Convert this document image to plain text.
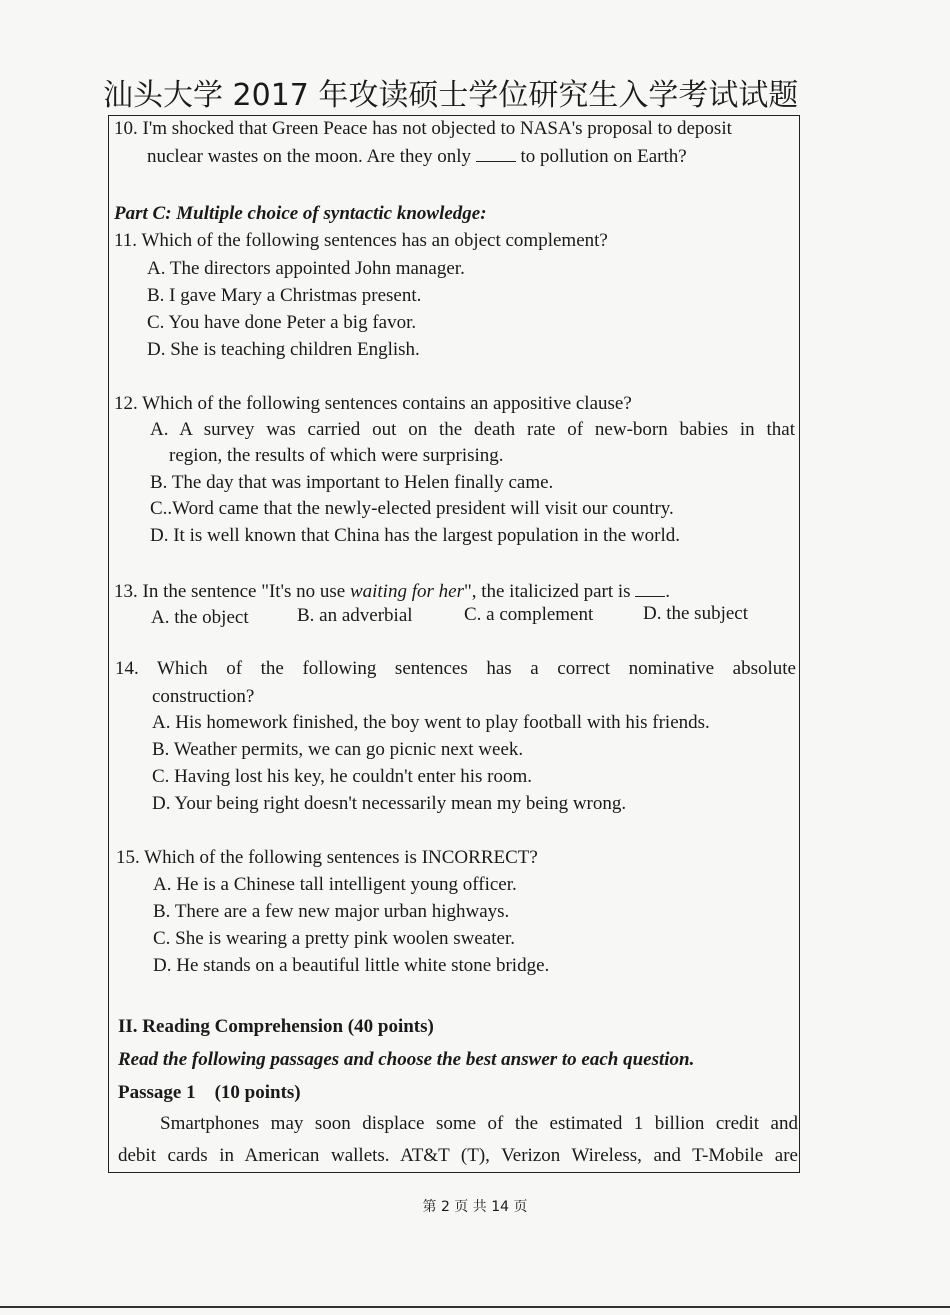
汕头大学 2017 年攻读硕士学位研究生入学考试试题
10. I'm shocked that Green Peace has not objected to NASA's proposal to deposit
nuclear wastes on the moon. Are they only	to pollution on Earth?
Part C: Multiple choice of syntactic knowledge:
11. Which of the following sentences has an object complement?
A. The directors appointed John manager.
B. I gave Mary a Christmas present.
C. You have done Peter a big favor.
D. She is teaching children English.
12. Which of the following sentences contains an appositive clause?
A. A survey was carried out on the death rate of new-born babies in that
region, the results of which were surprising.
B. The day that was important to Helen finally came.
C..Word came that the newly-elected president will visit our country.
D. It is well known that China has the largest population in the world.
13. In the sentence "It's no use waiting for her", the italicized part is .
A. the object	B. an adverbial	C. a complement	D. the subject
14. Which of the following sentences has a correct nominative absolute
construction?
A. His homework finished, the boy went to play football with his friends.
B. Weather permits, we can go picnic next week.
C. Having lost his key, he couldn't enter his room.
D. Your being right doesn't necessarily mean my being wrong.
15. Which of the following sentences is INCORRECT?
A. He is a Chinese tall intelligent young officer.
B. There are a few new major urban highways.
C. She is wearing a pretty pink woolen sweater.
D. He stands on a beautiful little white stone bridge.
II. Reading Comprehension (40 points)
Read the following passages and choose the best answer to each question.
Passage 1    (10 points)
Smartphones may soon displace some of the estimated 1 billion credit and
debit cards in American wallets. AT&T (T), Verizon Wireless, and T-Mobile are
第 2 页 共 14 页
